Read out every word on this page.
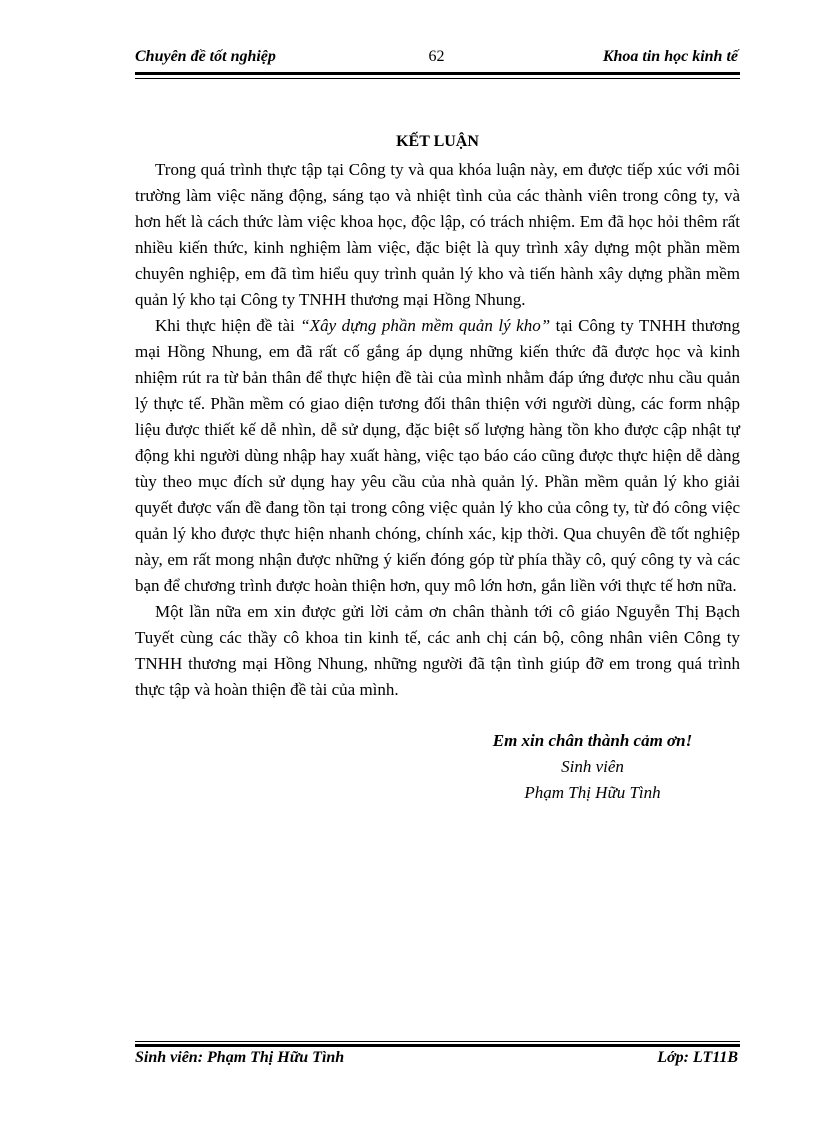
Chuyên đề tốt nghiệp	62	Khoa tin học kinh tế
KẾT LUẬN

Trong quá trình thực tập tại Công ty và qua khóa luận này, em được tiếp xúc với môi trường làm việc năng động, sáng tạo và nhiệt tình của các thành viên trong công ty, và hơn hết là cách thức làm việc khoa học, độc lập, có trách nhiệm. Em đã học hỏi thêm rất nhiều kiến thức, kinh nghiệm làm việc, đặc biệt là quy trình xây dựng một phần mềm chuyên nghiệp, em đã tìm hiểu quy trình quản lý kho và tiến hành xây dựng phần mềm quản lý kho tại Công ty TNHH thương mại Hồng Nhung.

Khi thực hiện đề tài “Xây dựng phần mềm quản lý kho” tại Công ty TNHH thương mại Hồng Nhung, em đã rất cố gắng áp dụng những kiến thức đã được học và kinh nhiệm rút ra từ bản thân để thực hiện đề tài của mình nhằm đáp ứng được nhu cầu quản lý thực tế. Phần mềm có giao diện tương đối thân thiện với người dùng, các form nhập liệu được thiết kế dễ nhìn, dễ sử dụng, đặc biệt số lượng hàng tồn kho được cập nhật tự động khi người dùng nhập hay xuất hàng, việc tạo báo cáo cũng được thực hiện dễ dàng tùy theo mục đích sử dụng hay yêu cầu của nhà quản lý. Phần mềm quản lý kho giải quyết được vấn đề đang tồn tại trong công việc quản lý kho của công ty, từ đó công việc quản lý kho được thực hiện nhanh chóng, chính xác, kịp thời. Qua chuyên đề tốt nghiệp này, em rất mong nhận được những ý kiến đóng góp từ phía thầy cô, quý công ty và các bạn để chương trình được hoàn thiện hơn, quy mô lớn hơn, gắn liền với thực tế hơn nữa.

Một lần nữa em xin được gửi lời cảm ơn chân thành tới cô giáo Nguyễn Thị Bạch Tuyết cùng các thầy cô khoa tin kinh tế, các anh chị cán bộ, công nhân viên Công ty TNHH thương mại Hồng Nhung, những người đã tận tình giúp đỡ em trong quá trình thực tập và hoàn thiện đề tài của mình.

Em xin chân thành cảm ơn!
Sinh viên
Phạm Thị Hữu Tình
Sinh viên: Phạm Thị Hữu Tình	Lớp: LT11B
